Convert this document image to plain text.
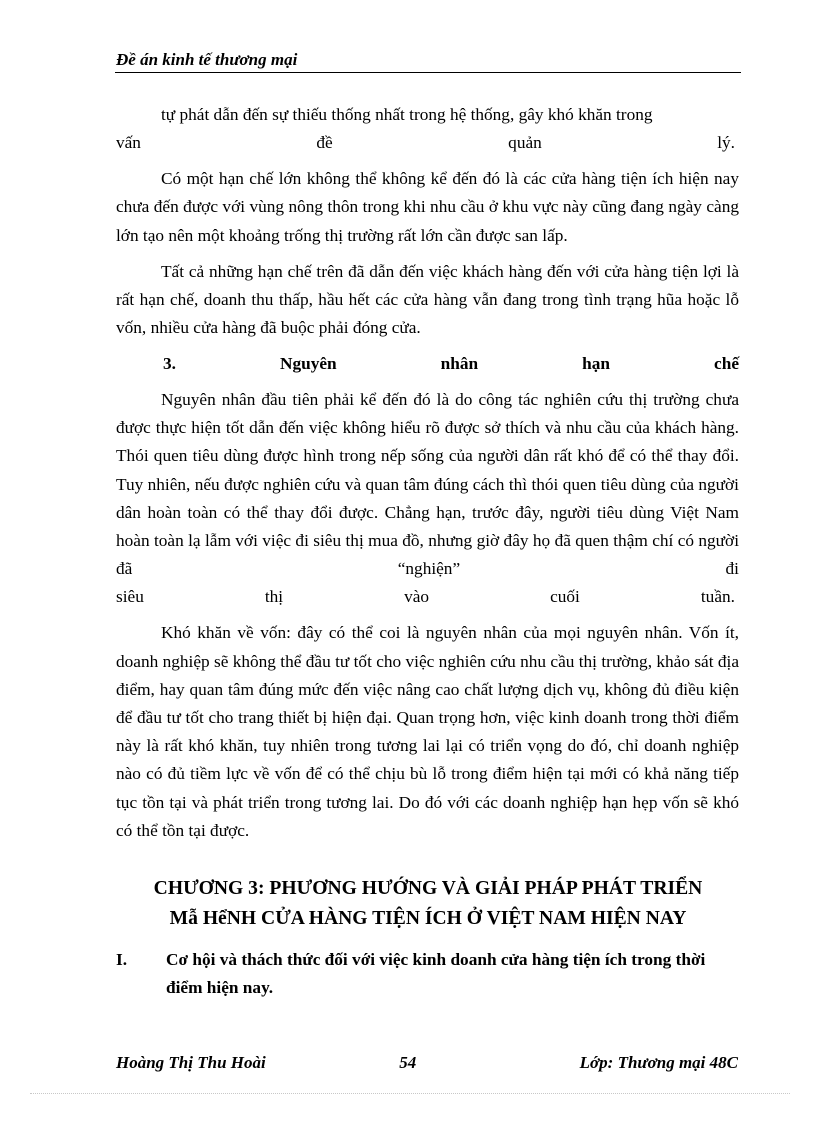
Đề án kinh tế thương mại

tự phát dẫn đến sự thiếu thống nhất trong hệ thống, gây khó khăn trong

vấn	đề	quản	lý.

Có một hạn chế lớn không thể không kể đến đó là các cửa hàng tiện ích hiện nay chưa đến được với vùng nông thôn trong khi nhu cầu ở khu vực này cũng đang ngày càng lớn tạo nên một khoảng trống thị trường rất lớn cần được san lấp.

Tất cả những hạn chế trên đã dẫn đến việc khách hàng đến với cửa hàng tiện lợi là rất hạn chế, doanh thu thấp, hầu hết các cửa hàng vẫn đang trong tình trạng hũa hoặc lỗ vốn, nhiều cửa hàng đã buộc phải đóng cửa.

3.	Nguyên	nhân	hạn	chế

Nguyên nhân đầu tiên phải kể đến đó là do công tác nghiên cứu thị trường chưa được thực hiện tốt dẫn đến việc không hiểu rõ được sở thích và nhu cầu của khách hàng. Thói quen tiêu dùng được hình trong nếp sống của người dân rất khó để có thể thay đổi. Tuy nhiên, nếu được nghiên cứu và quan tâm đúng cách thì thói quen tiêu dùng của người dân hoàn toàn có thể thay đổi được. Chẳng hạn, trước đây, người tiêu dùng Việt Nam hoàn toàn lạ lẫm với việc đi siêu thị mua đồ, nhưng giờ đây họ đã quen thậm chí có người đã “nghiện” đi

siêu	thị	vào	cuối	tuần.

Khó khăn về vốn: đây có thể coi là nguyên nhân của mọi nguyên nhân. Vốn ít, doanh nghiệp sẽ không thể đầu tư tốt cho việc nghiên cứu nhu cầu thị trường, khảo sát địa điểm, hay quan tâm đúng mức đến việc nâng cao chất lượng dịch vụ, không đủ điều kiện để đầu tư tốt cho trang thiết bị hiện đại. Quan trọng hơn, việc kinh doanh trong thời điểm này là rất khó khăn, tuy nhiên trong tương lai lại có triển vọng do đó, chỉ doanh nghiệp nào có đủ tiềm lực về vốn để có thể chịu bù lỗ trong điểm hiện tại mới có khả năng tiếp tục tồn tại và phát triển trong tương lai. Do đó với các doanh nghiệp hạn hẹp vốn sẽ khó có thể tồn tại được.

CHƯƠNG 3: PHƯƠNG HƯỚNG VÀ GIẢI PHÁP PHÁT TRIỂN
Mẫ HểNH CỬA HÀNG TIỆN ÍCH Ở VIỆT NAM HIỆN NAY
I.	Cơ hội và thách thức đối với việc kinh doanh cửa hàng tiện ích trong thời điểm hiện nay.
Hoàng Thị Thu Hoài	54	Lớp: Thương mại 48C
